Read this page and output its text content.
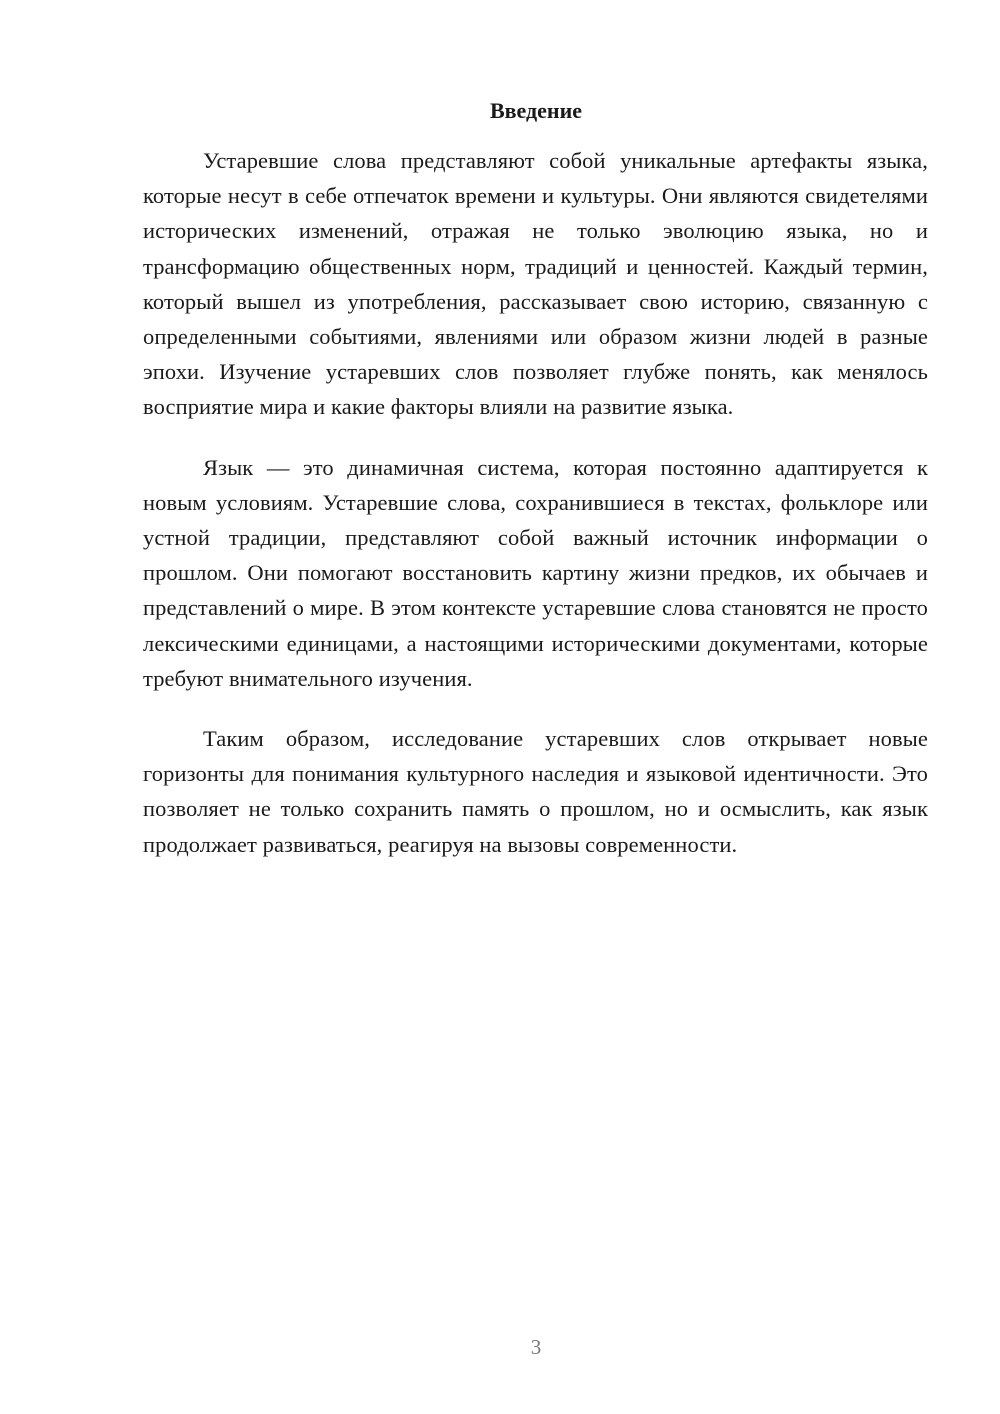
Введение

Устаревшие слова представляют собой уникальные артефакты языка, которые несут в себе отпечаток времени и культуры. Они являются свидетелями исторических изменений, отражая не только эволюцию языка, но и трансформацию общественных норм, традиций и ценностей. Каждый термин, который вышел из употребления, рассказывает свою историю, связанную с определенными событиями, явлениями или образом жизни людей в разные эпохи. Изучение устаревших слов позволяет глубже понять, как менялось восприятие мира и какие факторы влияли на развитие языка.

Язык — это динамичная система, которая постоянно адаптируется к новым условиям. Устаревшие слова, сохранившиеся в текстах, фольклоре или устной традиции, представляют собой важный источник информации о прошлом. Они помогают восстановить картину жизни предков, их обычаев и представлений о мире. В этом контексте устаревшие слова становятся не просто лексическими единицами, а настоящими историческими документами, которые требуют внимательного изучения.

Таким образом, исследование устаревших слов открывает новые горизонты для понимания культурного наследия и языковой идентичности. Это позволяет не только сохранить память о прошлом, но и осмыслить, как язык продолжает развиваться, реагируя на вызовы современности.

3
